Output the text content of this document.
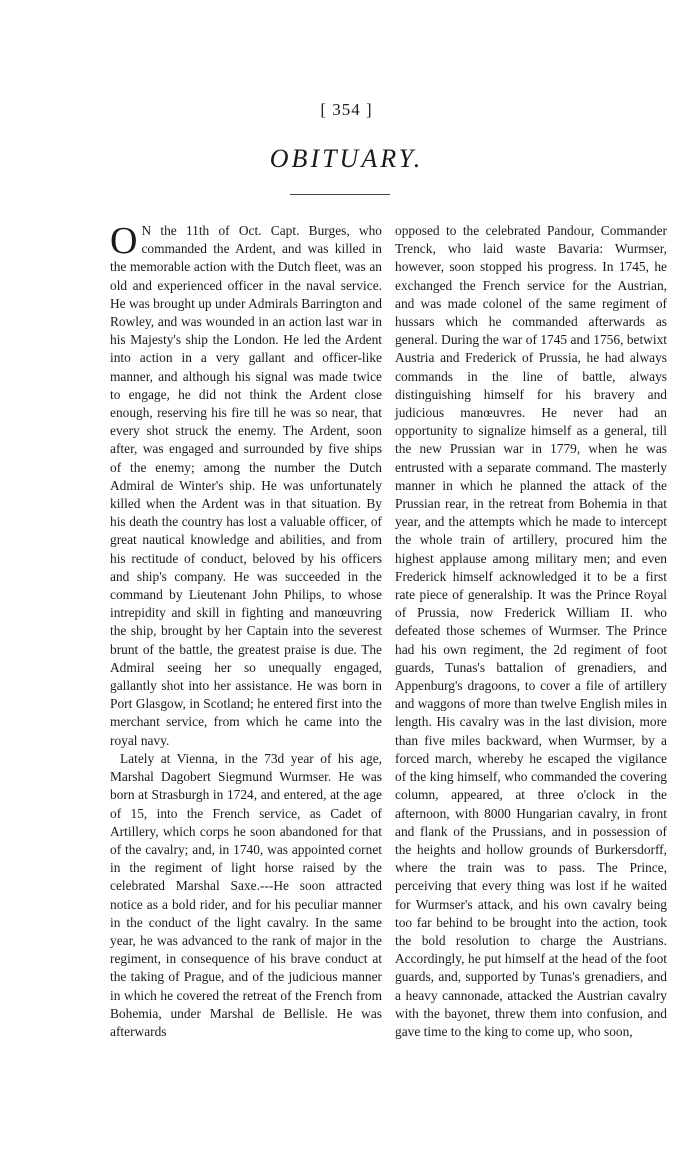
[ 354 ]
OBITUARY.

O N the 11th of Oct. Capt. Burges, who commanded the Ardent, and was killed in the memorable action with the Dutch fleet, was an old and experienced officer in the naval service. He was brought up under Admirals Barrington and Rowley, and was wounded in an action last war in his Majesty's ship the London. He led the Ardent into action in a very gallant and officer-like manner, and although his signal was made twice to engage, he did not think the Ardent close enough, reserving his fire till he was so near, that every shot struck the enemy. The Ardent, soon after, was engaged and surrounded by five ships of the enemy; among the number the Dutch Admiral de Winter's ship. He was unfortunately killed when the Ardent was in that situation. By his death the country has lost a valuable officer, of great nautical knowledge and abilities, and from his rectitude of conduct, beloved by his officers and ship's company. He was succeeded in the command by Lieutenant John Philips, to whose intrepidity and skill in fighting and manœuvring the ship, brought by her Captain into the severest brunt of the battle, the greatest praise is due. The Admiral seeing her so unequally engaged, gallantly shot into her assistance. He was born in Port Glasgow, in Scotland; he entered first into the merchant service, from which he came into the royal navy.

Lately at Vienna, in the 73d year of his age, Marshal Dagobert Siegmund Wurmser. He was born at Strasburgh in 1724, and entered, at the age of 15, into the French service, as Cadet of Artillery, which corps he soon abandoned for that of the cavalry; and, in 1740, was appointed cornet in the regiment of light horse raised by the celebrated Marshal Saxe.---He soon attracted notice as a bold rider, and for his peculiar manner in the conduct of the light cavalry. In the same year, he was advanced to the rank of major in the regiment, in consequence of his brave conduct at the taking of Prague, and of the judicious manner in which he covered the retreat of the French from Bohemia, under Marshal de Bellisle. He was afterwards

opposed to the celebrated Pandour, Commander Trenck, who laid waste Bavaria: Wurmser, however, soon stopped his progress. In 1745, he exchanged the French service for the Austrian, and was made colonel of the same regiment of hussars which he commanded afterwards as general. During the war of 1745 and 1756, betwixt Austria and Frederick of Prussia, he had always commands in the line of battle, always distinguishing himself for his bravery and judicious manœuvres. He never had an opportunity to signalize himself as a general, till the new Prussian war in 1779, when he was entrusted with a separate command. The masterly manner in which he planned the attack of the Prussian rear, in the retreat from Bohemia in that year, and the attempts which he made to intercept the whole train of artillery, procured him the highest applause among military men; and even Frederick himself acknowledged it to be a first rate piece of generalship. It was the Prince Royal of Prussia, now Frederick William II. who defeated those schemes of Wurmser. The Prince had his own regiment, the 2d regiment of foot guards, Tunas's battalion of grenadiers, and Appenburg's dragoons, to cover a file of artillery and waggons of more than twelve English miles in length. His cavalry was in the last division, more than five miles backward, when Wurmser, by a forced march, whereby he escaped the vigilance of the king himself, who commanded the covering column, appeared, at three o'clock in the afternoon, with 8000 Hungarian cavalry, in front and flank of the Prussians, and in possession of the heights and hollow grounds of Burkersdorff, where the train was to pass. The Prince, perceiving that every thing was lost if he waited for Wurmser's attack, and his own cavalry being too far behind to be brought into the action, took the bold resolution to charge the Austrians. Accordingly, he put himself at the head of the foot guards, and, supported by Tunas's grenadiers, and a heavy cannonade, attacked the Austrian cavalry with the bayonet, threw them into confusion, and gave time to the king to come up, who soon,
